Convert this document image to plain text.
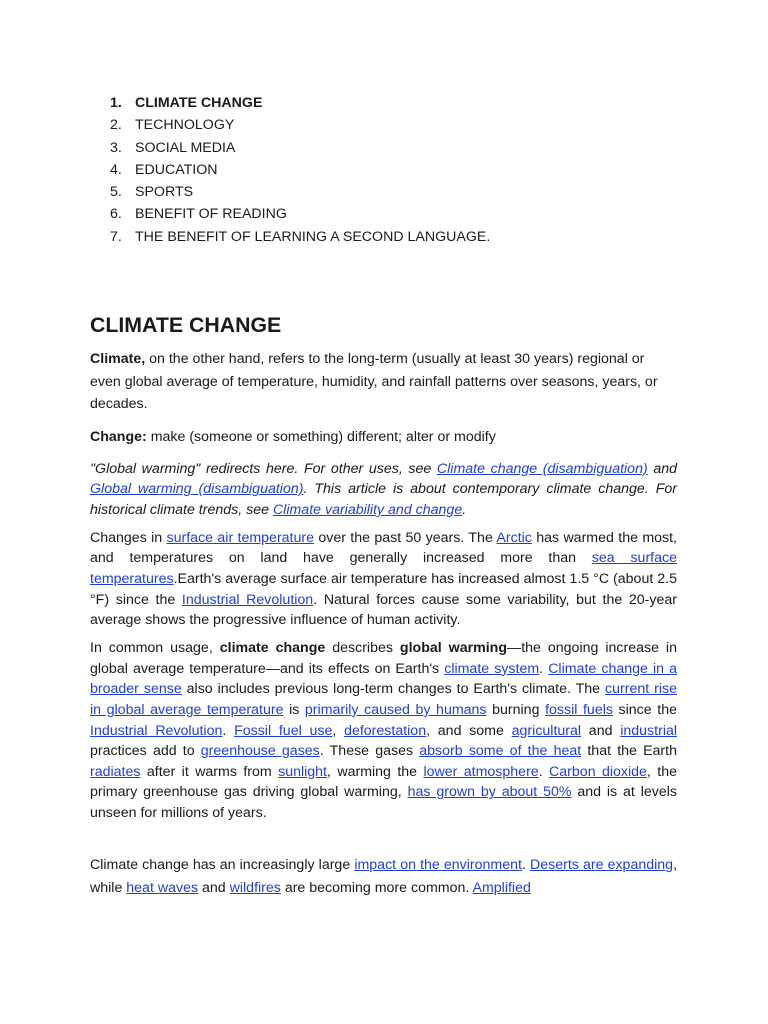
1. CLIMATE CHANGE
2. TECHNOLOGY
3. SOCIAL MEDIA
4. EDUCATION
5. SPORTS
6. BENEFIT OF READING
7. THE BENEFIT OF LEARNING A SECOND LANGUAGE.
CLIMATE CHANGE

Climate, on the other hand, refers to the long-term (usually at least 30 years) regional or even global average of temperature, humidity, and rainfall patterns over seasons, years, or decades.

Change: make (someone or something) different; alter or modify

"Global warming" redirects here. For other uses, see Climate change (disambiguation) and Global warming (disambiguation). This article is about contemporary climate change. For historical climate trends, see Climate variability and change.

Changes in surface air temperature over the past 50 years. The Arctic has warmed the most, and temperatures on land have generally increased more than sea surface temperatures.Earth's average surface air temperature has increased almost 1.5 °C (about 2.5 °F) since the Industrial Revolution. Natural forces cause some variability, but the 20-year average shows the progressive influence of human activity.

In common usage, climate change describes global warming—the ongoing increase in global average temperature—and its effects on Earth's climate system. Climate change in a broader sense also includes previous long-term changes to Earth's climate. The current rise in global average temperature is primarily caused by humans burning fossil fuels since the Industrial Revolution. Fossil fuel use, deforestation, and some agricultural and industrial practices add to greenhouse gases. These gases absorb some of the heat that the Earth radiates after it warms from sunlight, warming the lower atmosphere. Carbon dioxide, the primary greenhouse gas driving global warming, has grown by about 50% and is at levels unseen for millions of years.

Climate change has an increasingly large impact on the environment. Deserts are expanding, while heat waves and wildfires are becoming more common. Amplified
